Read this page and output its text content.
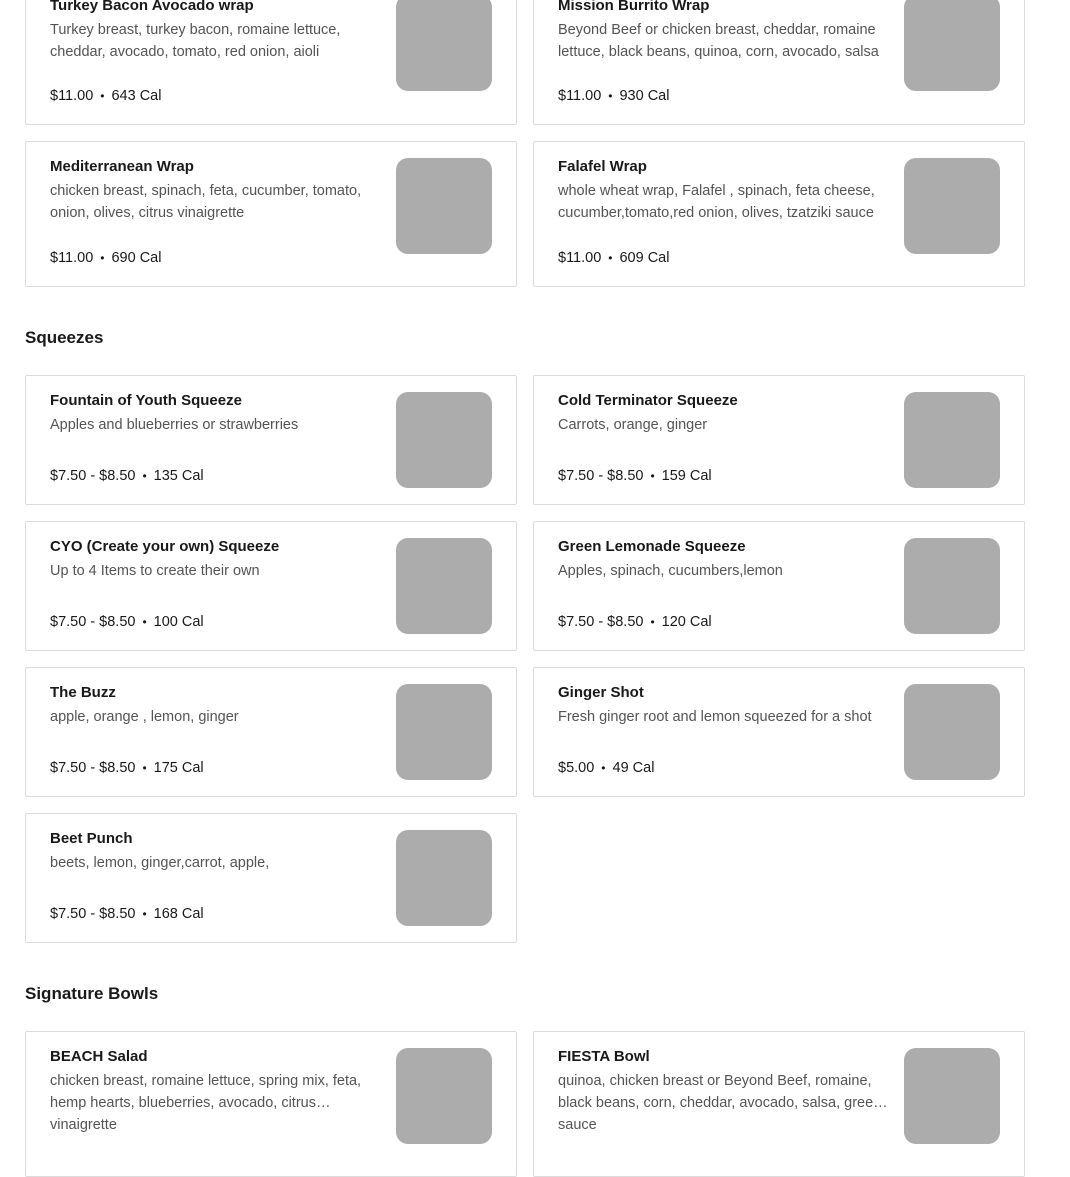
Turkey Bacon Avocado wrap
Turkey breast, turkey bacon, romaine lettuce, cheddar, avocado, tomato, red onion, aioli
$11.00 • 643 Cal
Mission Burrito Wrap
Beyond Beef or chicken breast, cheddar, romaine lettuce, black beans, quinoa, corn, avocado, salsa
$11.00 • 930 Cal
Mediterranean Wrap
chicken breast, spinach, feta, cucumber, tomato, onion, olives, citrus vinaigrette
$11.00 • 690 Cal
Falafel Wrap
whole wheat wrap, Falafel , spinach, feta cheese, cucumber,tomato,red onion, olives, tzatziki sauce
$11.00 • 609 Cal
Squeezes
Fountain of Youth Squeeze
Apples and blueberries or strawberries
$7.50 - $8.50 • 135 Cal
Cold Terminator Squeeze
Carrots, orange, ginger
$7.50 - $8.50 • 159 Cal
CYO (Create your own) Squeeze
Up to 4 Items to create their own
$7.50 - $8.50 • 100 Cal
Green Lemonade Squeeze
Apples, spinach, cucumbers,lemon
$7.50 - $8.50 • 120 Cal
The Buzz
apple, orange , lemon, ginger
$7.50 - $8.50 • 175 Cal
Ginger Shot
Fresh ginger root and lemon squeezed for a shot
$5.00 • 49 Cal
Beet Punch
beets, lemon, ginger,carrot, apple,
$7.50 - $8.50 • 168 Cal
Signature Bowls
BEACH Salad
chicken breast, romaine lettuce, spring mix, feta, hemp hearts, blueberries, avocado, citrus vinaigrette
FIESTA Bowl
quinoa, chicken breast or Beyond Beef, romaine, black beans, corn, cheddar, avocado, salsa, green sauce
